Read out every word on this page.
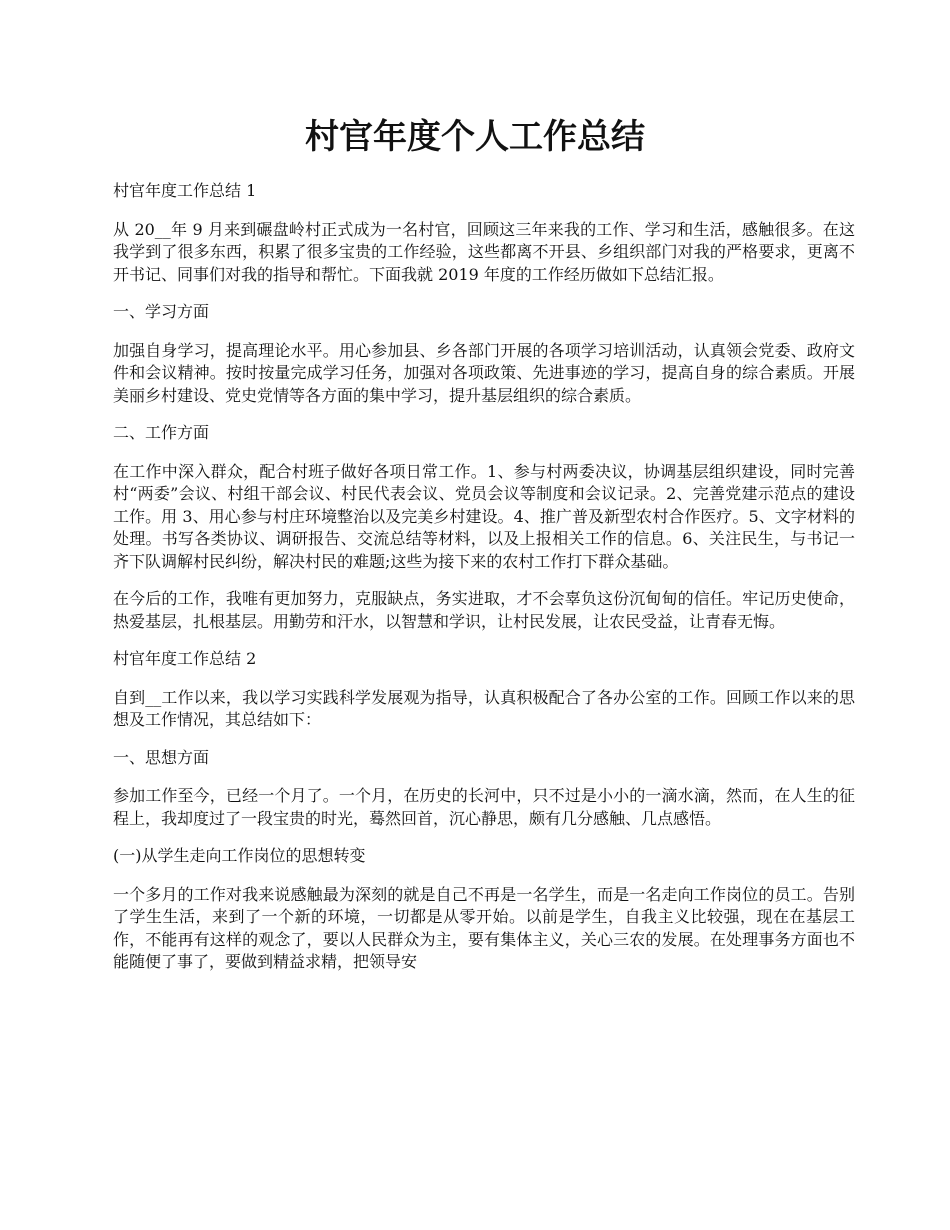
村官年度个人工作总结

村官年度工作总结 1

从 20__年 9 月来到碾盘岭村正式成为一名村官，回顾这三年来我的工作、学习和生活，感触很多。在这我学到了很多东西，积累了很多宝贵的工作经验，这些都离不开县、乡组织部门对我的严格要求，更离不开书记、同事们对我的指导和帮忙。下面我就 2019 年度的工作经历做如下总结汇报。

一、学习方面

加强自身学习，提高理论水平。用心参加县、乡各部门开展的各项学习培训活动，认真领会党委、政府文件和会议精神。按时按量完成学习任务，加强对各项政策、先进事迹的学习，提高自身的综合素质。开展美丽乡村建设、党史党情等各方面的集中学习，提升基层组织的综合素质。

二、工作方面

在工作中深入群众，配合村班子做好各项日常工作。1、参与村两委决议，协调基层组织建设，同时完善村“两委”会议、村组干部会议、村民代表会议、党员会议等制度和会议记录。2、完善党建示范点的建设工作。用 3、用心参与村庄环境整治以及完美乡村建设。4、推广普及新型农村合作医疗。5、文字材料的处理。书写各类协议、调研报告、交流总结等材料，以及上报相关工作的信息。6、关注民生，与书记一齐下队调解村民纠纷，解决村民的难题;这些为接下来的农村工作打下群众基础。

在今后的工作，我唯有更加努力，克服缺点，务实进取，才不会辜负这份沉甸甸的信任。牢记历史使命，热爱基层，扎根基层。用勤劳和汗水，以智慧和学识，让村民发展，让农民受益，让青春无悔。

村官年度工作总结 2

自到__工作以来，我以学习实践科学发展观为指导，认真积极配合了各办公室的工作。回顾工作以来的思想及工作情况，其总结如下：

一、思想方面

参加工作至今，已经一个月了。一个月，在历史的长河中，只不过是小小的一滴水滴，然而，在人生的征程上，我却度过了一段宝贵的时光，蓦然回首，沉心静思，颇有几分感触、几点感悟。

(一)从学生走向工作岗位的思想转变

一个多月的工作对我来说感触最为深刻的就是自己不再是一名学生，而是一名走向工作岗位的员工。告别了学生生活，来到了一个新的环境，一切都是从零开始。以前是学生，自我主义比较强，现在在基层工作，不能再有这样的观念了，要以人民群众为主，要有集体主义，关心三农的发展。在处理事务方面也不能随便了事了，要做到精益求精，把领导安
